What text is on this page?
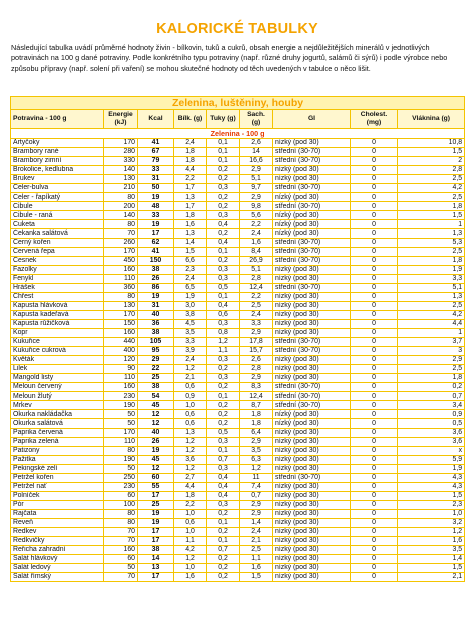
KALORICKÉ TABULKY
Následující tabulka uvádí průměrné hodnoty živin - bílkovin, tuků a cukrů, obsah energie a nejdůležitějších minerálů v jednotlivých potravinách na 100 g dané potraviny. Podle konkrétního typu potraviny (např. různé druhy jogurtů, salámů či sýrů) i podle výrobce nebo způsobu přípravy (např. solení při vaření) se mohou skutečné hodnoty od těch uvedených v tabulce o něco lišit.
Zelenina, luštěniny, houby								
Potravina - 100 g	Energie (kJ)	Kcal	Bílk. (g)	Tuky (g)	Sach. (g)	GI	Cholest. (mg)	Vláknina (g)
Zelenina - 100 g								
Artyčoky	170	41	2,4	0,1	2,6	nízký (pod 30)	0	10,8
Brambory rané	280	67	1,8	0,1	14	střední (30-70)	0	1,5
Brambory zimní	330	79	1,8	0,1	16,6	střední (30-70)	0	2
Brokolice, kedlubna	140	33	4,4	0,2	2,9	nízký (pod 30)	0	2,8
Brukev	130	31	2,2	0,2	5,1	nízký (pod 30)	0	2,5
Celer-bulva	210	50	1,7	0,3	9,7	střední (30-70)	0	4,2
Celer - řapíkatý	80	19	1,3	0,2	2,9	nízký (pod 30)	0	2,5
Cibule	200	48	1,7	0,2	9,8	střední (30-70)	0	1,8
Cibule - raná	140	33	1,8	0,3	5,6	nízký (pod 30)	0	1,5
Cuketa	80	19	1,6	0,4	2,2	nízký (pod 30)	0	1
Čekanka salátová	70	17	1,3	0,2	2,4	nízký (pod 30)	0	1,3
Černý kořen	260	62	1,4	0,4	1,6	střední (30-70)	0	5,3
Červená řepa	170	41	1,5	0,1	8,4	střední (30-70)	0	2,5
Česnek	450	150	6,6	0,2	26,9	střední (30-70)	0	1,8
Fazolky	160	38	2,3	0,3	5,1	nízký (pod 30)	0	1,9
Fenykl	110	26	2,4	0,3	2,8	nízký (pod 30)	0	3,3
Hrášek	360	86	6,5	0,5	12,4	střední (30-70)	0	5,1
Chřest	80	19	1,9	0,1	2,2	nízký (pod 30)	0	1,3
Kapusta hlávková	130	31	3,0	0,4	2,5	nízký (pod 30)	0	2,5
Kapusta kadeřavá	170	40	3,8	0,6	2,4	nízký (pod 30)	0	4,2
Kapusta růžičková	150	36	4,5	0,3	3,3	nízký (pod 30)	0	4,4
Kopr	160	38	3,5	0,8	2,9	nízký (pod 30)	0	1
Kukuřice	440	105	3,3	1,2	17,8	střední (30-70)	0	3,7
Kukuřice cukrová	400	95	3,9	1,1	15,7	střední (30-70)	0	3
Květák	120	29	2,4	0,3	2,6	nízký (pod 30)	0	2,9
Lilek	90	22	1,2	0,2	2,8	nízký (pod 30)	0	2,5
Mangold listy	110	25	2,1	0,3	2,9	nízký (pod 30)	0	1,8
Meloun červený	160	38	0,6	0,2	8,3	střední (30-70)	0	0,2
Meloun žlutý	230	54	0,9	0,1	12,4	střední (30-70)	0	0,7
Mrkev	190	45	1,0	0,2	8,7	střední (30-70)	0	3,4
Okurka nakládačka	50	12	0,6	0,2	1,8	nízký (pod 30)	0	0,9
Okurka salátová	50	12	0,6	0,2	1,8	nízký (pod 30)	0	0,5
Paprika červená	170	40	1,3	0,5	6,4	nízký (pod 30)	0	3,6
Paprika zelená	110	26	1,2	0,3	2,9	nízký (pod 30)	0	3,6
Patizony	80	19	1,2	0,1	3,5	nízký (pod 30)	0	x
Pažitka	190	45	3,6	0,7	6,3	nízký (pod 30)	0	5,9
Pekingské zelí	50	12	1,2	0,3	1,2	nízký (pod 30)	0	1,9
Petržel kořen	250	60	2,7	0,4	11	střední (30-70)	0	4,3
Petržel nať	230	55	4,4	0,4	7,4	nízký (pod 30)	0	4,3
Polníček	60	17	1,8	0,4	0,7	nízký (pod 30)	0	1,5
Pór	100	25	2,2	0,3	2,9	nízký (pod 30)	0	2,3
Rajčata	80	19	1,0	0,2	2,9	nízký (pod 30)	0	1,0
Reveň	80	19	0,6	0,1	1,4	nízký (pod 30)	0	3,2
Ředkev	70	17	1,0	0,2	2,4	nízký (pod 30)	0	1,2
Ředkvičky	70	17	1,1	0,1	2,1	nízký (pod 30)	0	1,6
Řeřicha zahradní	160	38	4,2	0,7	2,5	nízký (pod 30)	0	3,5
Salát hlávkový	60	14	1,2	0,2	1,1	nízký (pod 30)	0	1,4
Salát ledový	50	13	1,0	0,2	1,6	nízký (pod 30)	0	1,5
Salát římský	70	17	1,6	0,2	1,5	nízký (pod 30)	0	2,1
